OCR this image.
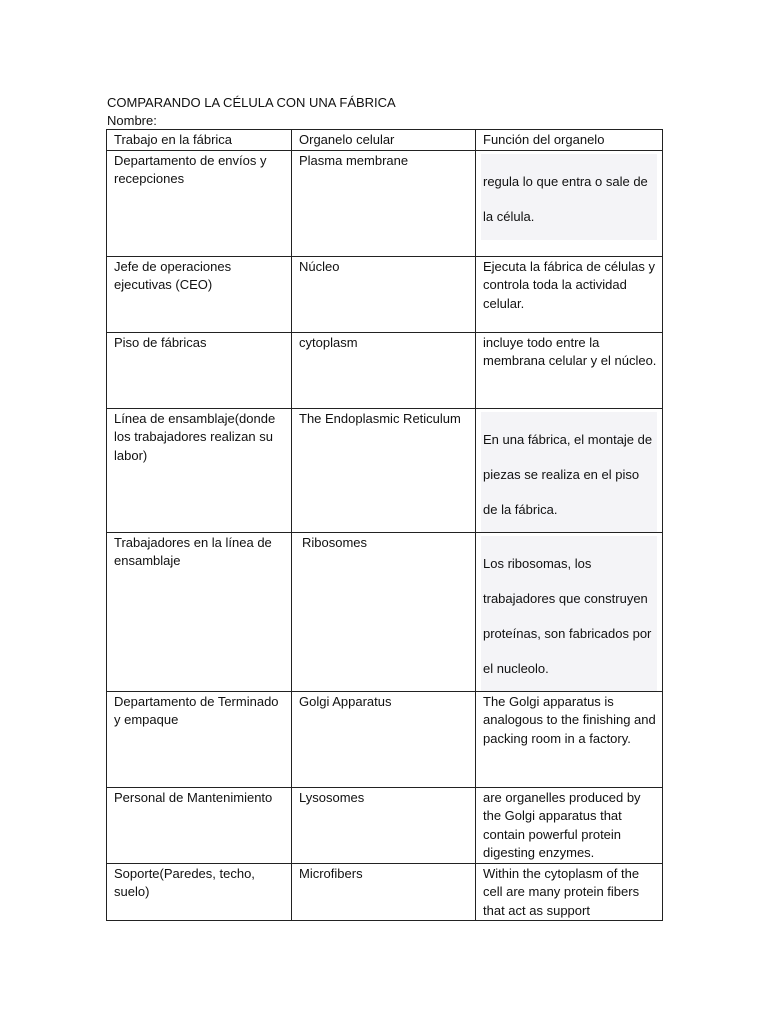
COMPARANDO LA CÉLULA CON UNA FÁBRICA
Nombre:
Trabajo en la fábrica	Organelo celular	Función del organelo

Departamento de envíos y recepciones	Plasma membrane	regula lo que entra o sale de la célula.

Jefe de operaciones ejecutivas (CEO)	Núcleo	Ejecuta la fábrica de células y controla toda la actividad celular.

Piso de fábricas	cytoplasm	incluye todo entre la membrana celular y el núcleo.

Línea de ensamblaje(donde los trabajadores realizan su labor)	The Endoplasmic Reticulum	En una fábrica, el montaje de piezas se realiza en el piso de la fábrica.

Trabajadores en la línea de ensamblaje	Ribosomes	Los ribosomas, los trabajadores que construyen proteínas, son fabricados por el nucleolo.

Departamento de Terminado y empaque	Golgi Apparatus	The Golgi apparatus is analogous to the finishing and packing room in a factory.

Personal de Mantenimiento	Lysosomes	are organelles produced by the Golgi apparatus that contain powerful protein digesting enzymes.

Soporte(Paredes, techo, suelo)	Microfibers	Within the cytoplasm of the cell are many protein fibers that act as support
